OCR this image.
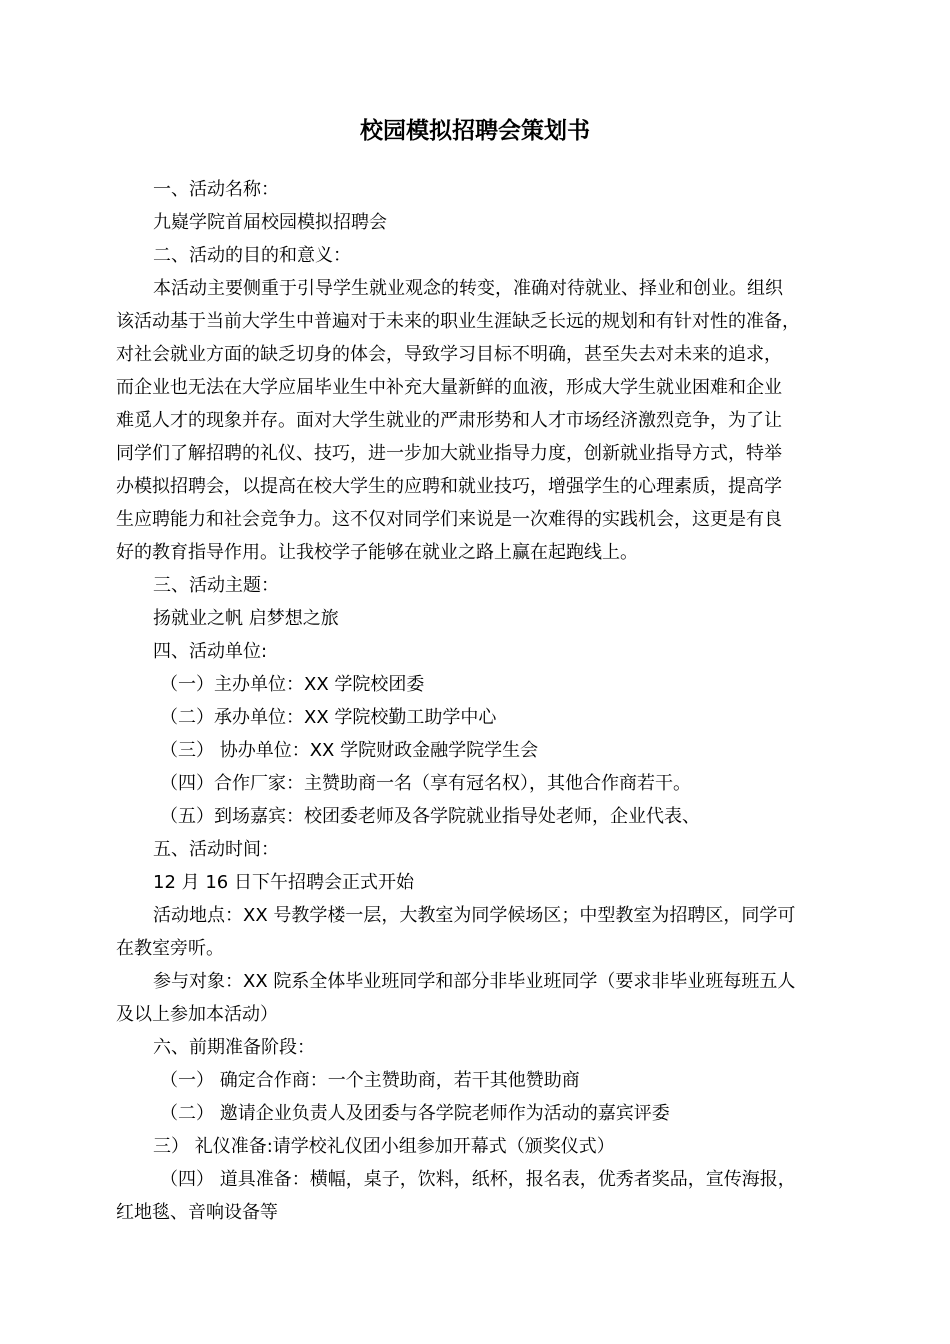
校园模拟招聘会策划书
一、活动名称：
九嶷学院首届校园模拟招聘会
二、活动的目的和意义：
本活动主要侧重于引导学生就业观念的转变，准确对待就业、择业和创业。组织
该活动基于当前大学生中普遍对于未来的职业生涯缺乏长远的规划和有针对性的准备，
对社会就业方面的缺乏切身的体会，导致学习目标不明确，甚至失去对未来的追求，
而企业也无法在大学应届毕业生中补充大量新鲜的血液，形成大学生就业困难和企业
难觅人才的现象并存。面对大学生就业的严肃形势和人才市场经济激烈竞争，为了让
同学们了解招聘的礼仪、技巧，进一步加大就业指导力度，创新就业指导方式，特举
办模拟招聘会，以提高在校大学生的应聘和就业技巧，增强学生的心理素质，提高学
生应聘能力和社会竞争力。这不仅对同学们来说是一次难得的实践机会，这更是有良
好的教育指导作用。让我校学子能够在就业之路上赢在起跑线上。
三、活动主题：
扬就业之帆 启梦想之旅
四、活动单位:
（一）主办单位：XX 学院校团委
（二）承办单位：XX 学院校勤工助学中心
（三） 协办单位：XX 学院财政金融学院学生会
（四）合作厂家：主赞助商一名（享有冠名权），其他合作商若干。
（五）到场嘉宾：校团委老师及各学院就业指导处老师，企业代表、
五、活动时间：
12 月 16 日下午招聘会正式开始
活动地点：XX 号教学楼一层，大教室为同学候场区；中型教室为招聘区，同学可
在教室旁听。
参与对象：XX 院系全体毕业班同学和部分非毕业班同学（要求非毕业班每班五人
及以上参加本活动）
六、前期准备阶段：
（一） 确定合作商：一个主赞助商，若干其他赞助商
（二） 邀请企业负责人及团委与各学院老师作为活动的嘉宾评委
三） 礼仪准备:请学校礼仪团小组参加开幕式（颁奖仪式）
（四） 道具准备：横幅，桌子，饮料，纸杯，报名表，优秀者奖品，宣传海报，
红地毯、音响设备等
